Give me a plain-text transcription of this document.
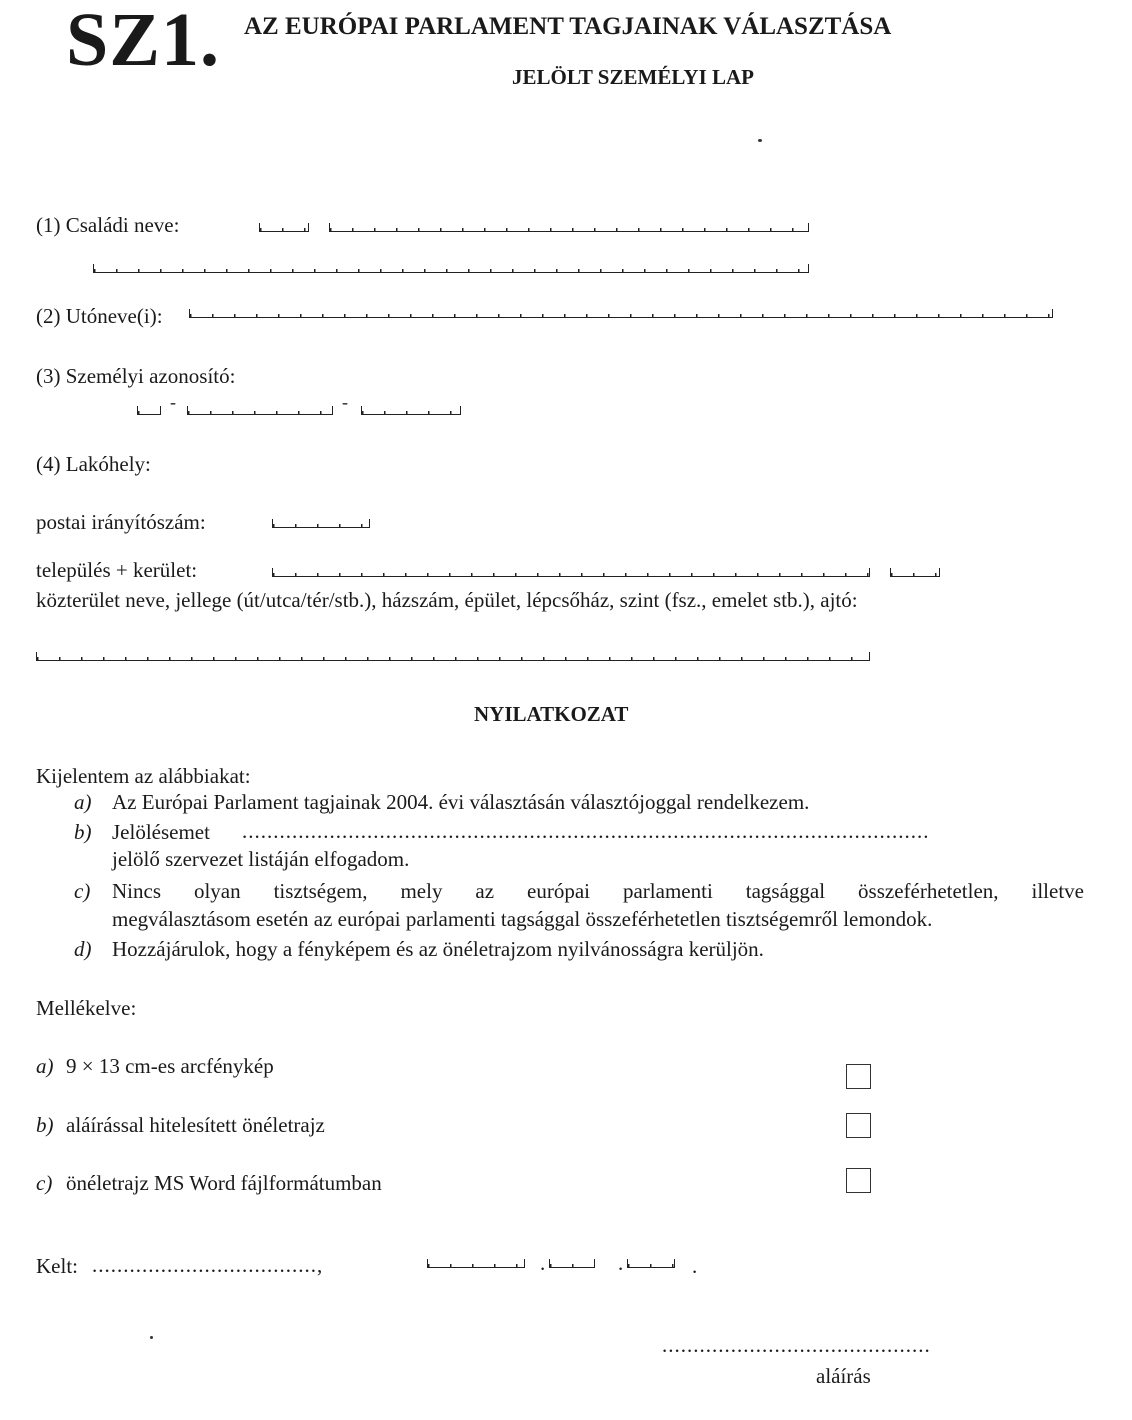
SZ1. AZ EURÓPAI PARLAMENT TAGJAINAK VÁLASZTÁSA
JELÖLT SZEMÉLYI LAP
(1) Családi neve:
(2) Utóneve(i):
(3) Személyi azonosító:
-	-
(4) Lakóhely:
postai irányítószám:
település + kerület:
közterület neve, jellege (út/utca/tér/stb.), házszám, épület, lépcsőház, szint (fsz., emelet stb.), ajtó:
NYILATKOZAT
Kijelentem az alábbiakat:
a) Az Európai Parlament tagjainak 2004. évi választásán választójoggal rendelkezem.
b) Jelölésemet ..............................................................................................................
jelölő szervezet listáján elfogadom.
c) Nincs olyan tisztségem, mely az európai parlamenti tagsággal összeférhetetlen, illetve
megválasztásom esetén az európai parlamenti tagsággal összeférhetetlen tisztségemről lemondok.
d) Hozzájárulok, hogy a fényképem és az önéletrajzom nyilvánosságra kerüljön.
Mellékelve:
a) 9 × 13 cm-es arcfénykép
b) aláírással hitelesített önéletrajz
c) önéletrajz MS Word fájlformátumban
Kelt: ....................................,	.	.	.
...........................................
aláírás
